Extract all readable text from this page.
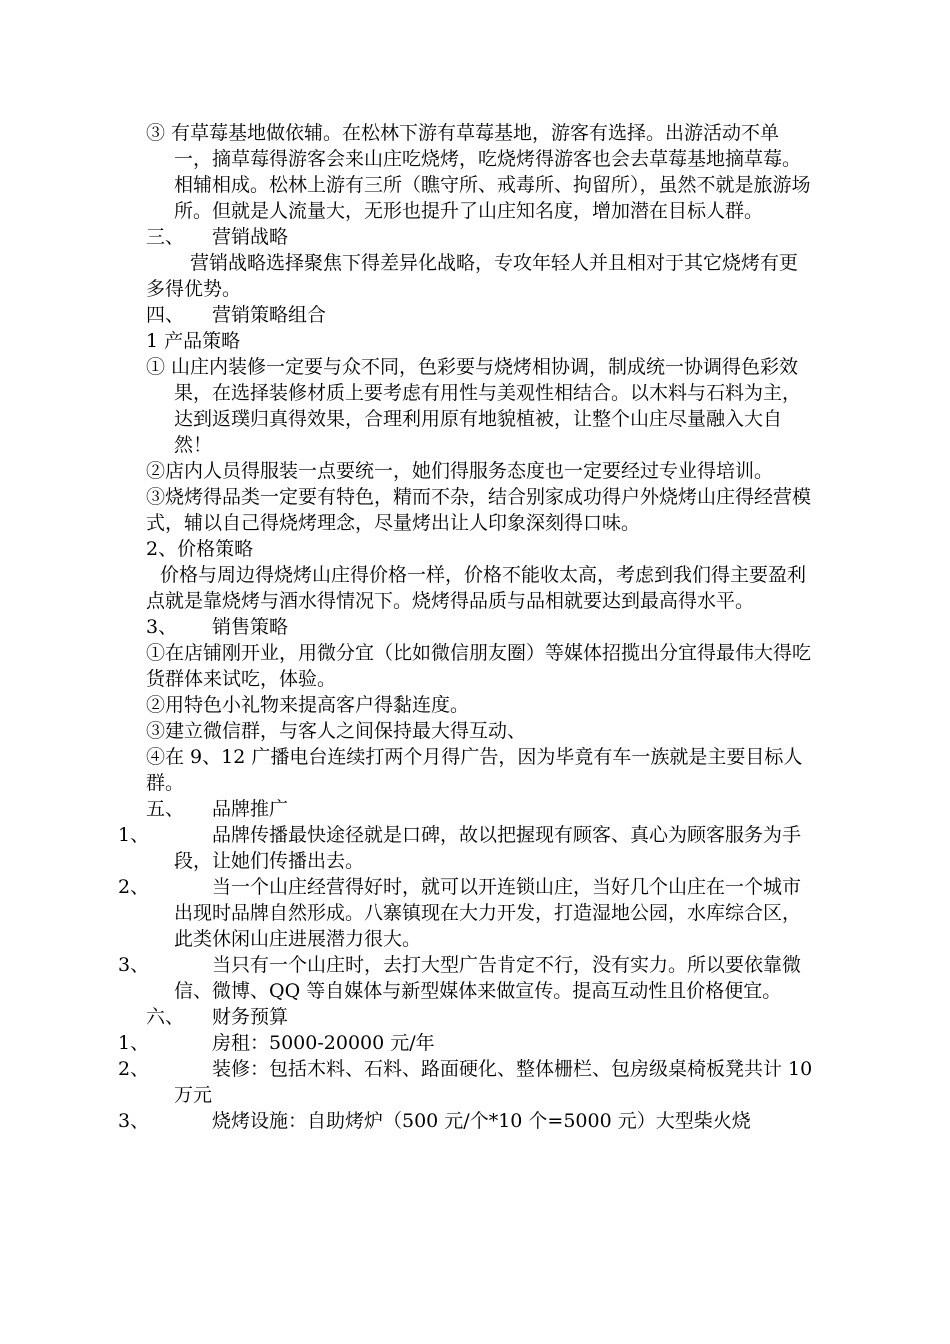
③ 有草莓基地做依辅。在松林下游有草莓基地，游客有选择。出游活动不单一，摘草莓得游客会来山庄吃烧烤，吃烧烤得游客也会去草莓基地摘草莓。相辅相成。松林上游有三所（瞧守所、戒毒所、拘留所），虽然不就是旅游场所。但就是人流量大，无形也提升了山庄知名度，增加潜在目标人群。

三、 营销战略

营销战略选择聚焦下得差异化战略，专攻年轻人并且相对于其它烧烤有更多得优势。

四、 营销策略组合

1 产品策略

① 山庄内装修一定要与众不同，色彩要与烧烤相协调，制成统一协调得色彩效果，在选择装修材质上要考虑有用性与美观性相结合。以木料与石料为主，达到返璞归真得效果，合理利用原有地貌植被，让整个山庄尽量融入大自然！

②店内人员得服装一点要统一，她们得服务态度也一定要经过专业得培训。

③烧烤得品类一定要有特色，精而不杂，结合别家成功得户外烧烤山庄得经营模式，辅以自己得烧烤理念，尽量烤出让人印象深刻得口味。

2、价格策略

价格与周边得烧烤山庄得价格一样，价格不能收太高，考虑到我们得主要盈利点就是靠烧烤与酒水得情况下。烧烤得品质与品相就要达到最高得水平。

3、 销售策略

①在店铺刚开业，用微分宜（比如微信朋友圈）等媒体招揽出分宜得最伟大得吃货群体来试吃，体验。

②用特色小礼物来提高客户得黏连度。

③建立微信群，与客人之间保持最大得互动、

④在 9、12 广播电台连续打两个月得广告，因为毕竟有车一族就是主要目标人群。

五、 品牌推广

1、	品牌传播最快途径就是口碑，故以把握现有顾客、真心为顾客服务为手段，让她们传播出去。

2、	当一个山庄经营得好时，就可以开连锁山庄，当好几个山庄在一个城市出现时品牌自然形成。八寨镇现在大力开发，打造湿地公园，水库综合区，此类休闲山庄进展潜力很大。

3、	当只有一个山庄时，去打大型广告肯定不行，没有实力。所以要依靠微信、微博、QQ 等自媒体与新型媒体来做宣传。提高互动性且价格便宜。

六、 财务预算

1、	房租：5000-20000 元/年

2、	装修：包括木料、石料、路面硬化、整体栅栏、包房级桌椅板凳共计 10 万元

3、	烧烤设施：自助烤炉（500 元/个*10 个=5000 元）大型柴火烧
